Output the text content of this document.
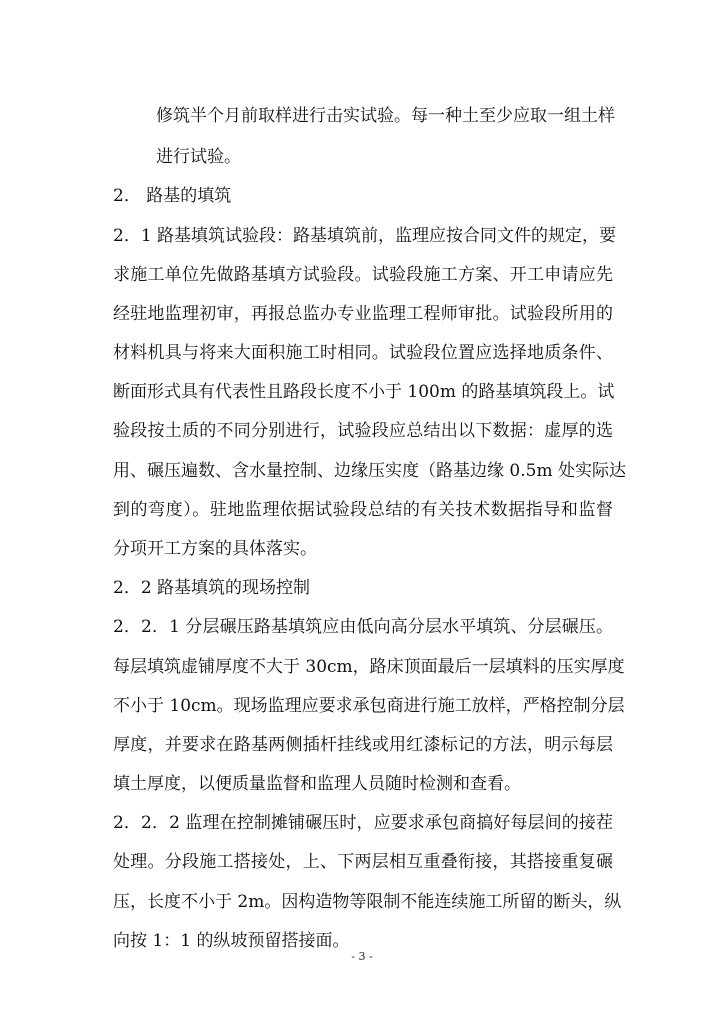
修筑半个月前取样进行击实试验。每一种土至少应取一组土样
进行试验。
2． 路基的填筑
2．1 路基填筑试验段：路基填筑前，监理应按合同文件的规定，要
求施工单位先做路基填方试验段。试验段施工方案、开工申请应先
经驻地监理初审，再报总监办专业监理工程师审批。试验段所用的
材料机具与将来大面积施工时相同。试验段位置应选择地质条件、
断面形式具有代表性且路段长度不小于 100m 的路基填筑段上。试
验段按土质的不同分别进行，试验段应总结出以下数据：虚厚的选
用、碾压遍数、含水量控制、边缘压实度（路基边缘 0.5m 处实际达
到的弯度）。驻地监理依据试验段总结的有关技术数据指导和监督
分项开工方案的具体落实。
2．2 路基填筑的现场控制
2．2．1 分层碾压路基填筑应由低向高分层水平填筑、分层碾压。
每层填筑虚铺厚度不大于 30cm，路床顶面最后一层填料的压实厚度
不小于 10cm。现场监理应要求承包商进行施工放样，严格控制分层
厚度，并要求在路基两侧插杆挂线或用红漆标记的方法，明示每层
填土厚度，以便质量监督和监理人员随时检测和查看。
2．2．2 监理在控制摊铺碾压时，应要求承包商搞好每层间的接茬
处理。分段施工搭接处，上、下两层相互重叠衔接，其搭接重复碾
压，长度不小于 2m。因构造物等限制不能连续施工所留的断头，纵
向按 1：1 的纵坡预留搭接面。
- 3 -
